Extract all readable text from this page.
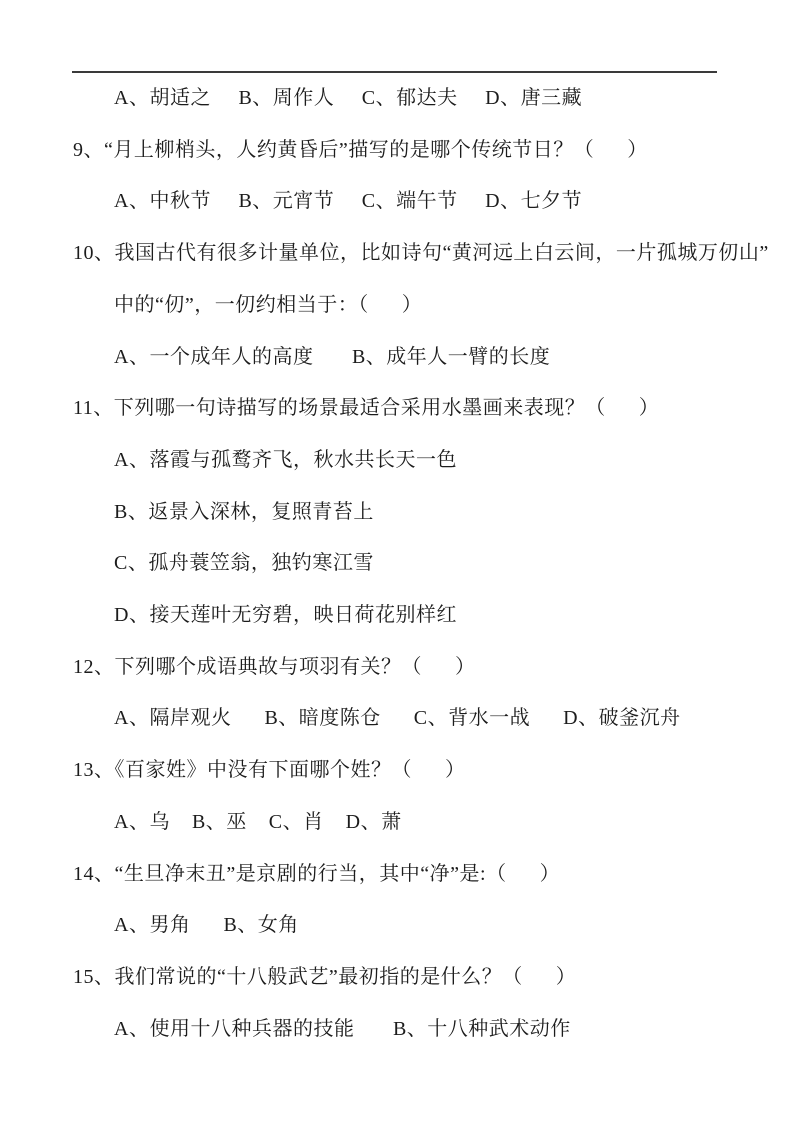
A、胡适之     B、周作人     C、郁达夫     D、唐三藏
9、“月上柳梢头，人约黄昏后”描写的是哪个传统节日？（      ）
A、中秋节     B、元宵节     C、端午节     D、七夕节
10、我国古代有很多计量单位，比如诗句“黄河远上白云间，一片孤城万仞山”
中的“仞”，一仞约相当于：（      ）
A、一个成年人的高度       B、成年人一臂的长度
11、下列哪一句诗描写的场景最适合采用水墨画来表现？（      ）
A、落霞与孤鹜齐飞，秋水共长天一色
B、返景入深林，复照青苔上
C、孤舟蓑笠翁，独钓寒江雪
D、接天莲叶无穷碧，映日荷花别样红
12、下列哪个成语典故与项羽有关？（      ）
A、隔岸观火      B、暗度陈仓      C、背水一战      D、破釜沉舟
13、《百家姓》中没有下面哪个姓？（      ）
A、乌    B、巫    C、肖    D、萧
14、“生旦净末丑”是京剧的行当，其中“净”是:（      ）
A、男角      B、女角
15、我们常说的“十八般武艺”最初指的是什么？（      ）
A、使用十八种兵器的技能       B、十八种武术动作
